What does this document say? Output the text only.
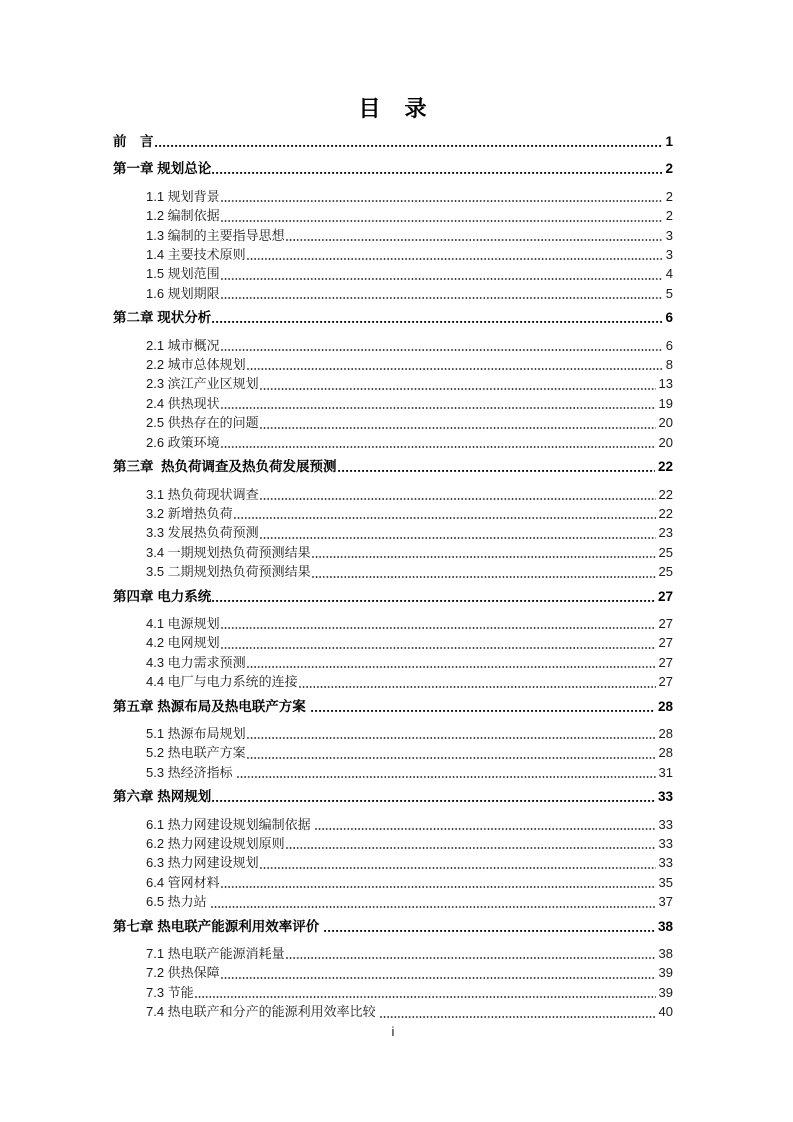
目　录
前　言	1
第一章 规划总论	2
1.1 规划背景	2
1.2 编制依据	2
1.3 编制的主要指导思想	3
1.4 主要技术原则	3
1.5 规划范围	4
1.6 规划期限	5
第二章 现状分析	6
2.1 城市概况	6
2.2 城市总体规划	8
2.3 滨江产业区规划	13
2.4 供热现状	19
2.5 供热存在的问题	20
2.6 政策环境	20
第三章  热负荷调查及热负荷发展预测	22
3.1 热负荷现状调查	22
3.2 新增热负荷	22
3.3 发展热负荷预测	23
3.4 一期规划热负荷预测结果	25
3.5 二期规划热负荷预测结果	25
第四章 电力系统	27
4.1 电源规划	27
4.2 电网规划	27
4.3 电力需求预测	27
4.4 电厂与电力系统的连接	27
第五章 热源布局及热电联产方案	28
5.1 热源布局规划	28
5.2 热电联产方案	28
5.3 热经济指标	31
第六章 热网规划	33
6.1 热力网建设规划编制依据	33
6.2 热力网建设规划原则	33
6.3 热力网建设规划	33
6.4 管网材料	35
6.5 热力站	37
第七章 热电联产能源利用效率评价	38
7.1 热电联产能源消耗量	38
7.2 供热保障	39
7.3 节能	39
7.4 热电联产和分产的能源利用效率比较	40
i
